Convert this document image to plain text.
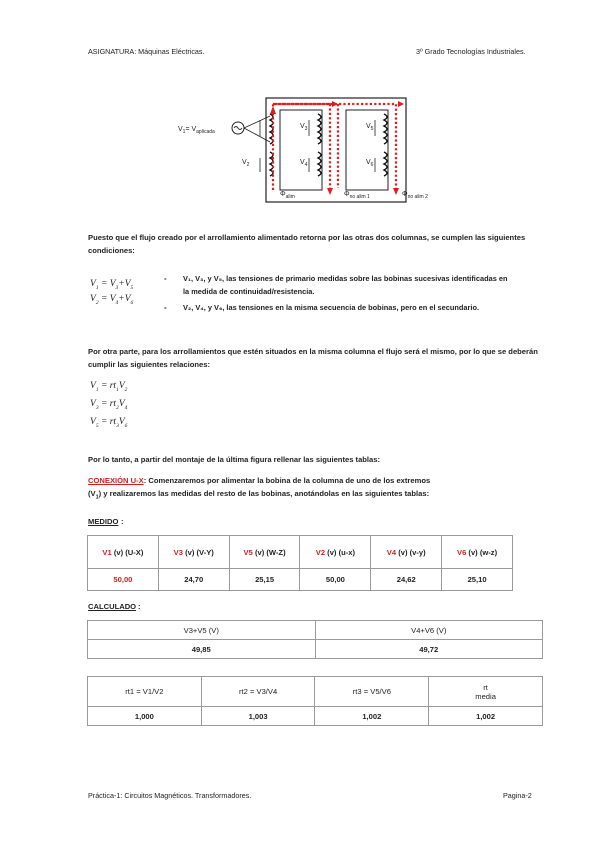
ASIGNATURA: Máquinas Eléctricas.	3º Grado Tecnologías Industriales.
$V_1= V_{aplicada}$
$V_2$
$V_3$
$V_4$
$V_5$
$V_6$
$\Phi_{alim}$	$\Phi_{no alim 1}$	$\Phi_{no alim 2}$
Puesto que el flujo creado por el arrollamiento alimentado retorna por las otras dos columnas, se cumplen las siguientes condiciones:
$V_1 = V_3+V_5$
$V_2 = V_4+V_6$
- V₁, V₃, y V₅, las tensiones de primario medidas sobre las bobinas sucesivas identificadas en la medida de continuidad/resistencia.
- V₂, V₄, y V₆, las tensiones en la misma secuencia de bobinas, pero en el secundario.
Por otra parte, para los arrollamientos que estén situados en la misma columna el flujo será el mismo, por lo que se deberán cumplir las siguientes relaciones:
$V_1 = rt_1V_2$
$V_3 = rt_2V_4$
$V_5 = rt_3V_6$
Por lo tanto, a partir del montaje de la última figura rellenar las siguientes tablas:
CONEXIÓN U-X: Comenzaremos por alimentar la bobina de la columna de uno de los extremos
$(V_1)$ y realizaremos las medidas del resto de las bobinas, anotándolas en las siguientes tablas:
MEDIDO :
V1 (v) (U-X)	V3 (v) (V-Y)	V5 (v) (W-Z)	V2 (v) (u-x)	V4 (v) (v-y)	V6 (v) (w-z)
50,00	24,70	25,15	50,00	24,62	25,10
CALCULADO :
V3+V5 (V)	V4+V6 (V)
49,85	49,72
rt1 = V1/V2	rt2 = V3/V4	rt3 = V5/V6	rt
media
1,000	1,003	1,002	1,002
Práctica-1: Circuitos Magnéticos. Transformadores.	Pagina-2
